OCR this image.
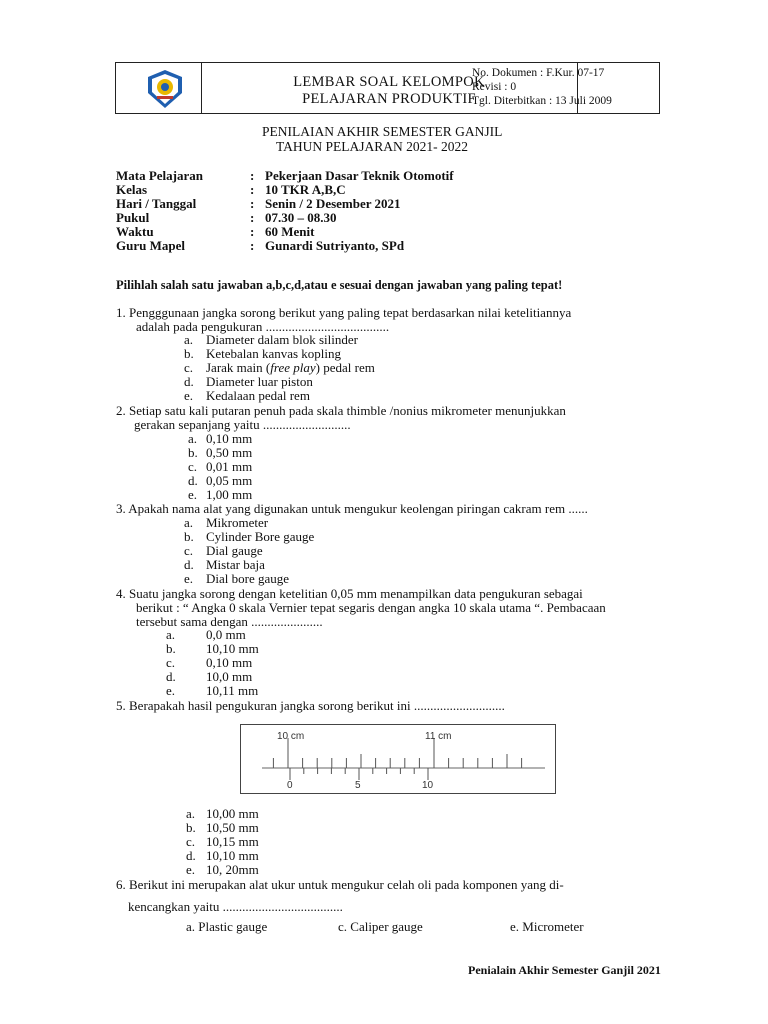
LEMBAR SOAL KELOMPOK
PELAJARAN PRODUKTIF
No. Dokumen : F.Kur. 07-17
Revisi : 0
Tgl. Diterbitkan : 13 Juli 2009
PENILAIAN AKHIR SEMESTER GANJIL
TAHUN PELAJARAN 2021- 2022
Mata Pelajaran	: Pekerjaan Dasar Teknik Otomotif
Kelas	: 10 TKR A,B,C
Hari / Tanggal	: Senin / 2 Desember 2021
Pukul	: 07.30 – 08.30
Waktu	: 60 Menit
Guru Mapel	: Gunardi Sutriyanto, SPd
Pilihlah salah satu jawaban a,b,c,d,atau e sesuai dengan jawaban yang paling tepat!
1. Pengggunaan jangka sorong berikut yang paling tepat berdasarkan nilai ketelitiannya
adalah pada pengukuran ......................................
a. Diameter dalam blok silinder
b. Ketebalan kanvas kopling
c. Jarak main (free play) pedal rem
d. Diameter luar piston
e. Kedalaan pedal rem
2. Setiap satu kali putaran penuh pada skala thimble /nonius mikrometer menunjukkan
gerakan sepanjang yaitu ...........................
a. 0,10 mm
b. 0,50 mm
c. 0,01 mm
d. 0,05 mm
e. 1,00 mm
3. Apakah nama alat yang digunakan untuk mengukur keolengan piringan cakram rem ......
a. Mikrometer
b. Cylinder Bore gauge
c. Dial gauge
d. Mistar baja
e. Dial bore gauge
4. Suatu jangka sorong dengan ketelitian 0,05 mm menampilkan data pengukuran sebagai
berikut : “ Angka 0 skala Vernier tepat segaris dengan angka 10 skala utama “. Pembacaan
tersebut sama dengan ......................
a. 0,0 mm
b. 10,10 mm
c. 0,10 mm
d. 10,0 mm
e. 10,11 mm
5. Berapakah hasil pengukuran jangka sorong berikut ini ............................
10 cm	11 cm
0	5	10
a. 10,00 mm
b. 10,50 mm
c. 10,15 mm
d. 10,10 mm
e. 10, 20mm
6. Berikut ini merupakan alat ukur untuk mengukur celah oli pada komponen yang di-
kencangkan yaitu .....................................
a. Plastic gauge	c. Caliper gauge	e. Micrometer
Penialain Akhir Semester Ganjil 2021
